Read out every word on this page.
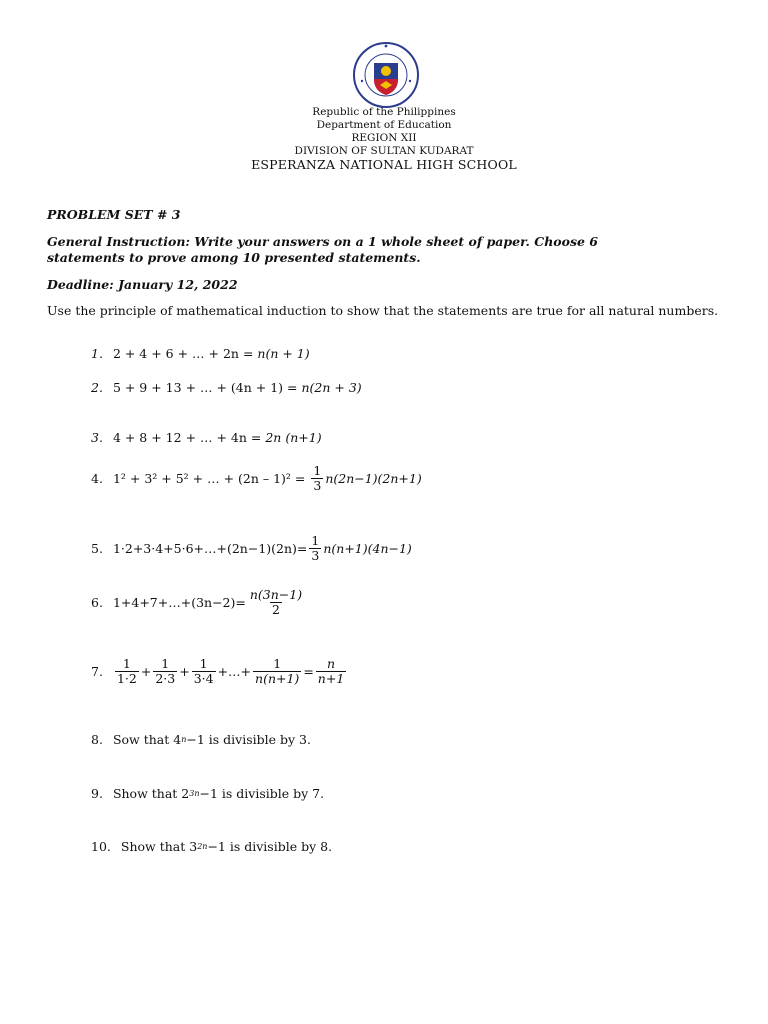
Republic of the Philippines
Department of Education
REGION XII
DIVISION OF SULTAN KUDARAT
ESPERANZA NATIONAL HIGH SCHOOL
PROBLEM SET # 3
General Instruction: Write your answers on a 1 whole sheet of paper. Choose 6
statements to prove among 10 presented statements.
Deadline: January 12, 2022
Use the principle of mathematical induction to show that the statements are true for all natural numbers.
1. 2 + 4 + 6 + … + 2n = n(n + 1)
2. 5 + 9 + 13 + … + (4n + 1) = n(2n + 3)
3. 4 + 8 + 12 + … + 4n = 2n (n+1)
4. 1² + 3² + 5² + … + $(2n - 1)^2 = \frac{1}{3} n(2n-1)(2n+1)$
5. 1·2+3·4+5·6+…+(2n−1)(2n)= $\frac{1}{3} n(n+1)(4n-1)$
6. 1+4+7+…+(3n−2)= $\frac{n(3n-1)}{2}$
7. $\frac{1}{1\cdot 2} + \frac{1}{2\cdot 3} + \frac{1}{3\cdot 4}$ +…+ $\frac{1}{n(n+1)} = \frac{n}{n+1}$
8. Sow that 4 n −1 is divisible by 3.
9. Show that 2 3n −1 is divisible by 7.
10. Show that 3 2n −1 is divisible by 8.
